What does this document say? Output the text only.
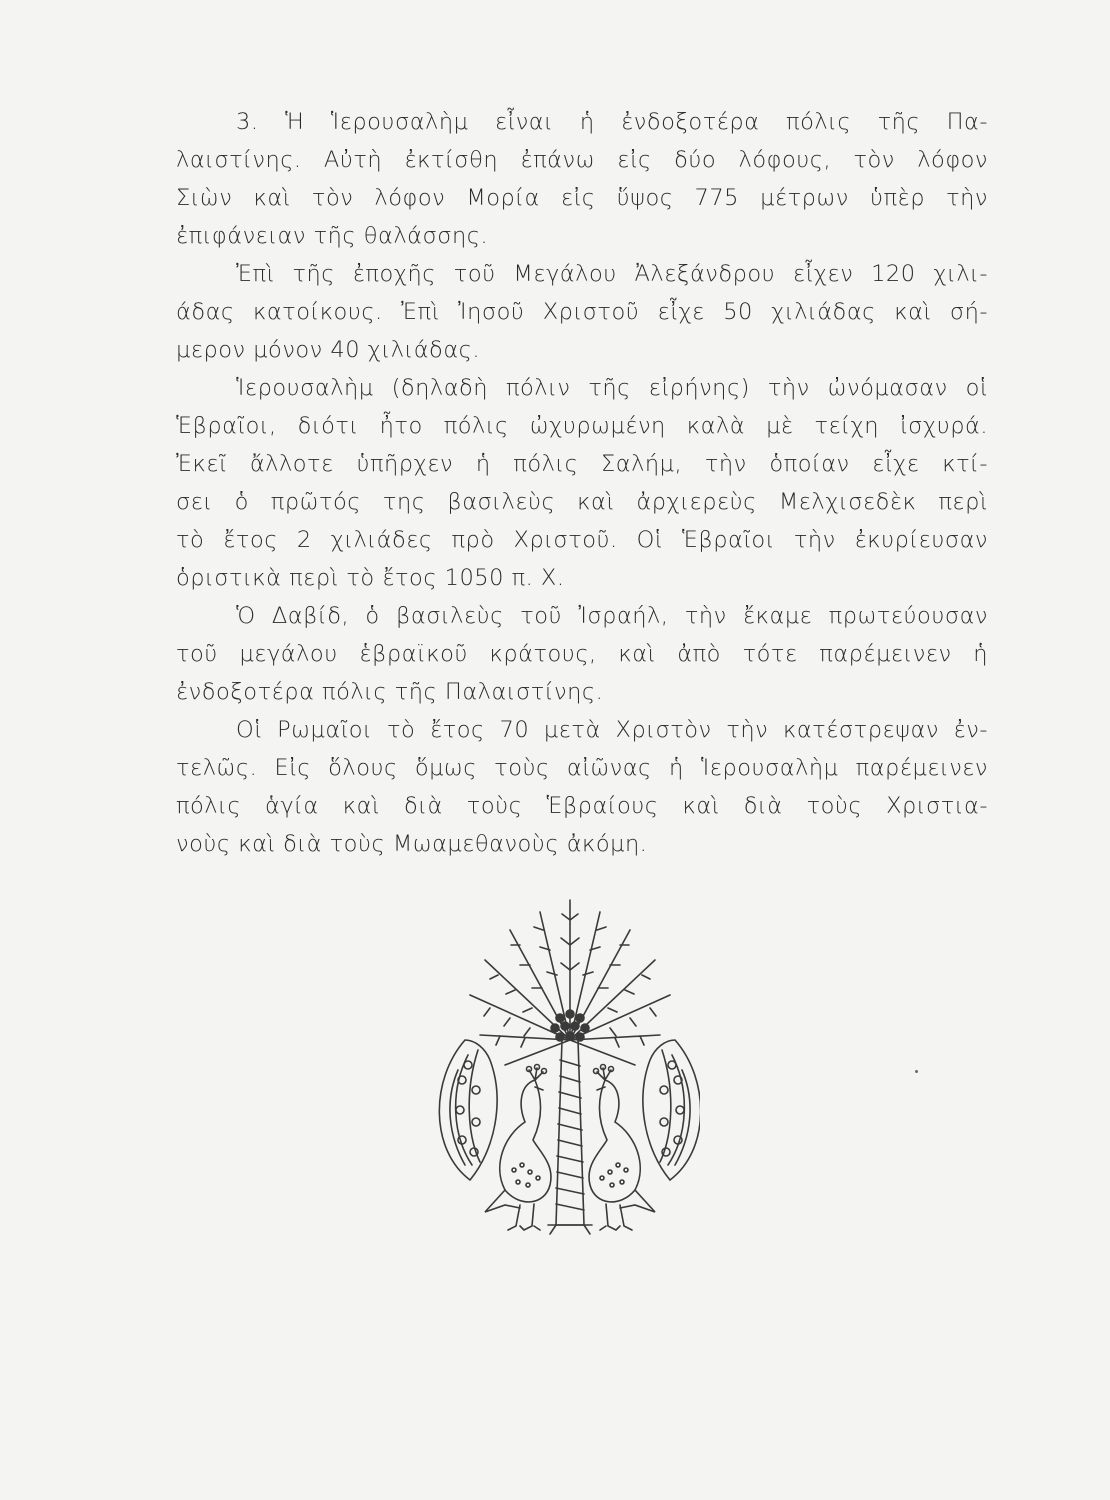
3. Ἡ Ἱερουσαλὴμ εἶναι ἡ ἐνδοξοτέρα πόλις τῆς Πα-
λαιστίνης. Αὐτὴ ἐκτίσθη ἐπάνω εἰς δύο λόφους, τὸν λόφον
Σιὼν καὶ τὸν λόφον Μορία εἰς ὕψος 775 μέτρων ὑπὲρ τὴν
ἐπιφάνειαν τῆς θαλάσσης.
Ἐπὶ τῆς ἐποχῆς τοῦ Μεγάλου Ἀλεξάνδρου εἶχεν 120 χιλι-
άδας κατοίκους. Ἐπὶ Ἰησοῦ Χριστοῦ εἶχε 50 χιλιάδας καὶ σή-
μερον μόνον 40 χιλιάδας.
Ἱερουσαλὴμ (δηλαδὴ πόλιν τῆς εἰρήνης) τὴν ὠνόμασαν οἱ
Ἑβραῖοι, διότι ἦτο πόλις ὠχυρωμένη καλὰ μὲ τείχη ἰσχυρά.
Ἐκεῖ ἄλλοτε ὑπῆρχεν ἡ πόλις Σαλήμ, τὴν ὁποίαν εἶχε κτί-
σει ὁ πρῶτός της βασιλεὺς καὶ ἀρχιερεὺς Μελχισεδὲκ περὶ
τὸ ἔτος 2 χιλιάδες πρὸ Χριστοῦ. Οἱ Ἑβραῖοι τὴν ἐκυρίευσαν
ὁριστικὰ περὶ τὸ ἔτος 1050 π. Χ.
Ὁ Δαβίδ, ὁ βασιλεὺς τοῦ Ἰσραήλ, τὴν ἔκαμε πρωτεύουσαν
τοῦ μεγάλου ἑβραϊκοῦ κράτους, καὶ ἀπὸ τότε παρέμεινεν ἡ
ἐνδοξοτέρα πόλις τῆς Παλαιστίνης.
Οἱ Ρωμαῖοι τὸ ἔτος 70 μετὰ Χριστὸν τὴν κατέστρεψαν ἐν-
τελῶς. Εἰς ὅλους ὅμως τοὺς αἰῶνας ἡ Ἱερουσαλὴμ παρέμεινεν
πόλις ἁγία καὶ διὰ τοὺς Ἑβραίους καὶ διὰ τοὺς Χριστια-
νοὺς καὶ διὰ τοὺς Μωαμεθανοὺς ἀκόμη.
